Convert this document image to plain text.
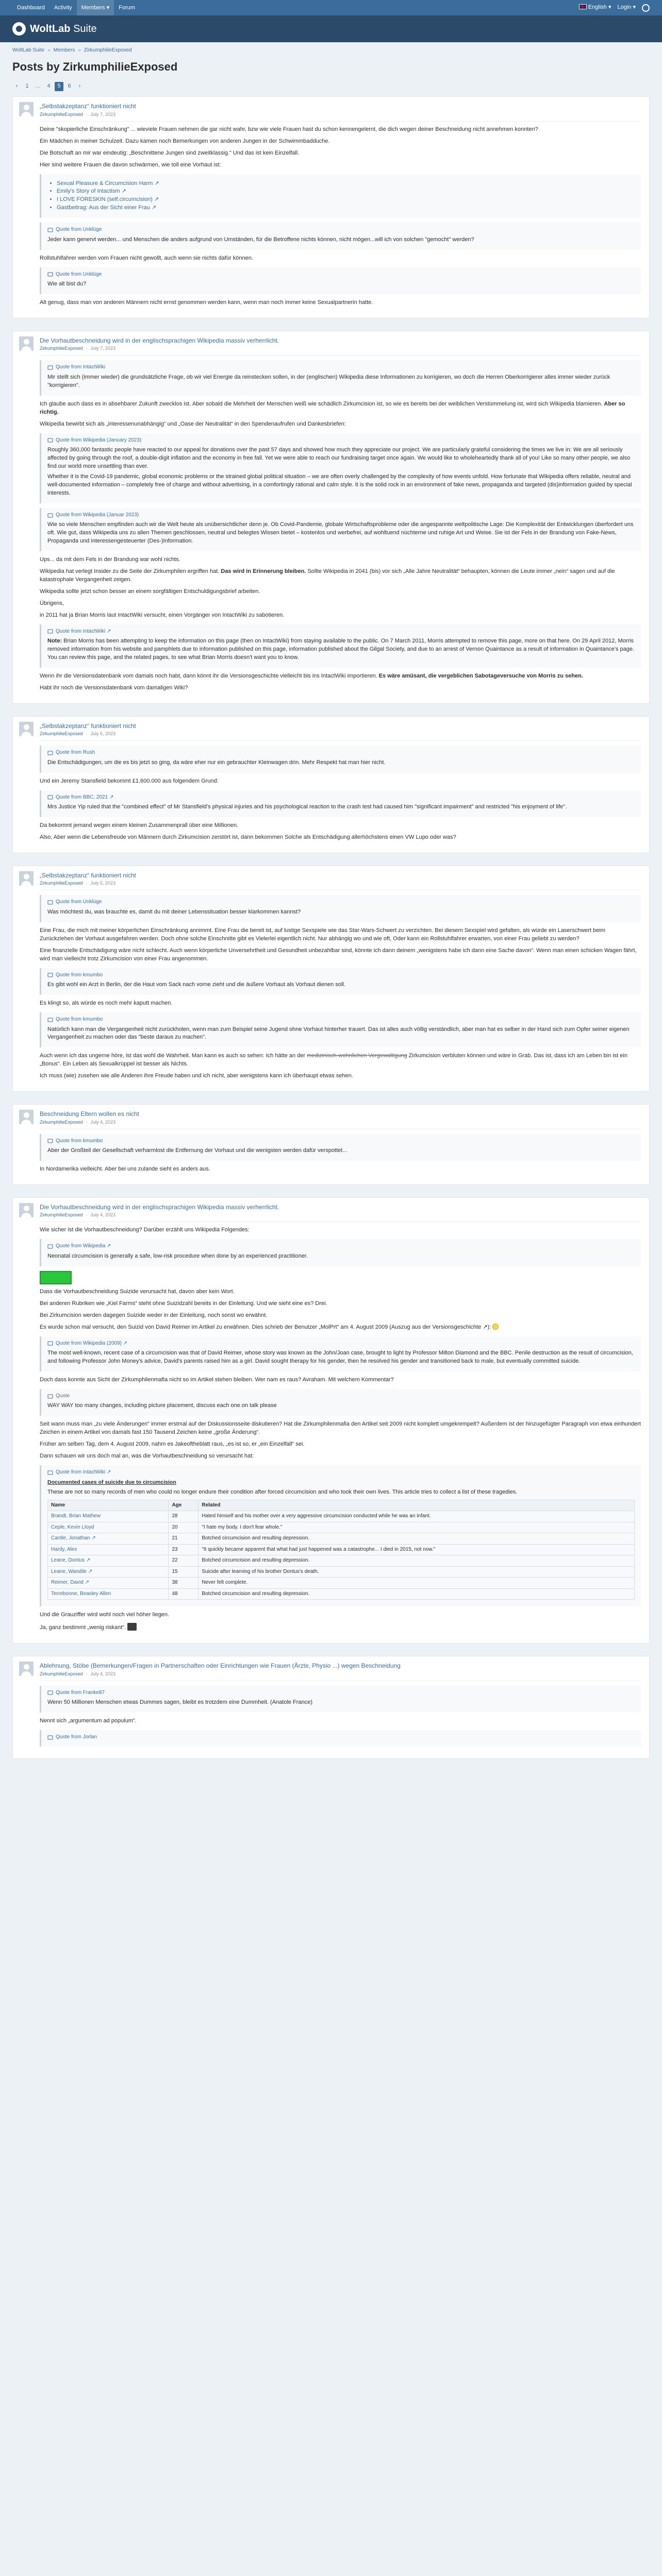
Dashboard	Activity	Members ▾	Forum	English ▾ Login ▾
WoltLab Suite
WoltLab Suite » Members » ZirkumphilieExposed
Posts by ZirkumphilieExposed
‹	1	…	4	5	6	›
„Selbstakzeptanz“ funktioniert nicht
ZirkumphilieExposed · July 7, 2023

Deine "skopierliche Einschränkung" ... wieviele Frauen nehmen die gar nicht wahr, bzw wie viele Frauen hast du schon kennengelernt, die dich wegen deiner Beschneidung nicht annehmen konnten?

Ein Mädchen in meiner Schulzeit. Dazu kamen noch Bemerkungen von anderen Jungen in der Schwimmbadduche.

Die Botschaft an mir war eindeutig: „Beschnittene Jungen sind zweitklassig.“ Und das ist kein Einzelfall.

Hier sind weitere Frauen die davon schwärmen, wie toll eine Vorhaut ist:

• Sexual Pleasure & Circumcision Harm ↗
• Emily's Story of Intactism ↗
• I LOVE FORESKIN (self.circumcision) ↗
• Gastbeitrag: Aus der Sicht einer Frau ↗
Quote from Unklüge

Jeder kann genervt werden... und Menschen die anders aufgrund von Umständen, für die Betroffene nichts können, nicht mögen...will ich von solchen "gemocht" werden?

Rollstuhlfahrer werden vom Frauen nicht gewollt, auch wenn sie nichts dafür können.

Quote from Unklüge

Wie alt bist du?

Alt genug, dass man von anderen Männern nicht ernst genommen werden kann, wenn man noch immer keine Sexualpartnerin hatte.

Die Vorhautbeschneidung wird in der englischsprachigen Wikipedia massiv verherrlicht.
ZirkumphilieExposed · July 7, 2023
Quote from IntactWiki

Mir stellt sich (immer wieder) die grundsätzliche Frage, ob wir viel Energie da reinstecken sollen, in der (englischen) Wikipedia diese Informationen zu korrigieren, wo doch die Herren Oberkorrigierer alles immer wieder zurück "korrigieren".

Ich glaube auch dass es in absehbarer Zukunft zwecklos ist. Aber sobald die Mehrheit der Menschen weiß wie schädlich Zirkumcision ist, so wie es bereits bei der weiblichen Verstümmelung ist, wird sich Wikipedia blamieren. Aber so richtig.

Wikipedia bewirbt sich als „interessenunabhängig“ und „Oase der Neutralität“ in den Spendenaufrufen und Dankesbriefen:

Quote from Wikipedia (January 2023)

Roughly 360,000 fantastic people have reacted to our appeal for donations over the past 57 days and showed how much they appreciate our project. We are particularly grateful considering the times we live in: We are all seriously affected by going through the roof, a double-digit inflation and the economy in free fall. Yet we were able to reach our fundraising target once again. We would like to wholeheartedly thank all of you! Like so many other people, we also find our world more unsettling than ever.

Whether it is the Covid-19 pandemic, global economic problems or the strained global political situation – we are often overly challenged by the complexity of how events unfold. How fortunate that Wikipedia offers reliable, neutral and well-documented information – completely free of charge and without advertising, in a comfortingly rational and calm style. It is the solid rock in an environment of fake news, propaganda and targeted (dis)information guided by special interests.

Quote from Wikipedia (Januar 2023)

Wie so viele Menschen empfinden auch wir die Welt heute als unübersichtlicher denn je. Ob Covid-Pandemie, globale Wirtschaftsprobleme oder die angespannte weltpolitische Lage: Die Komplexität der Entwicklungen überfordert uns oft. Wie gut, dass Wikipedia uns zu allen Themen geschlossen, neutral und belegtes Wissen bietet – kostenlos und werbefrei, auf wohltuend nüchterne und ruhige Art und Weise. Sie ist der Fels in der Brandung von Fake-News, Propaganda und interessengesteuerter (Des-)Information.

Ups... da mit dem Fels in der Brandung war wohl nichts.

Wikipedia hat verlegt Insider zu die Seite der Zirkumphilen ergriffen hat. Das wird in Erinnerung bleiben. Sollte Wikipedia in 2041 (bis) vor sich „Alle Jahre Neutralität“ behaupten, können die Leute immer „nein“ sagen und auf die katastrophale Vergangenheit zeigen.

Wikipedia sollte jetzt schon besser an einem sorgfältigen Entschuldigungsbrief arbeiten.

Übrigens,

in 2011 hat ja Brian Morris laut IntactWiki versucht, einen Vorgänger von IntactWiki zu sabotieren.

Quote from IntactWiki ↗

Note: Brian Morris has been attempting to keep the information on this page (then on IntactWiki) from staying available to the public. On 7 March 2011, Morris attempted to remove this page, more on that here. On 29 April 2012, Morris removed information from his website and pamphlets due to information published on this page, information published about the Gilgal Society, and due to an arrest of Vernon Quaintance as a result of information in Quaintance's page. You can review this page, and the related pages, to see what Brian Morris doesn't want you to know.

Wenn ihr die Versionsdatenbank vom damals noch habt, dann könnt ihr die Versionsgeschichte vielleicht bis ins IntactWiki importieren. Es wäre amüsant, die vergeblichen Sabotageversuche von Morris zu sehen.

Habt ihr noch die Versionsdatenbank vom damaligen Wiki?

„Selbstakzeptanz“ funktioniert nicht
ZirkumphilieExposed · July 5, 2023
Quote from Rush

Die Entschädigungen, um die es bis jetzt so ging, da wäre eher nur ein gebrauchter Kleinwagen drin. Mehr Respekt hat man hier nicht.

Und ein Jeremy Stansfield bekommt £1.600.000 aus folgendem Grund:

Quote from BBC, 2021 ↗

Mrs Justice Yip ruled that the "combined effect" of Mr Stansfield's physical injuries and his psychological reaction to the crash test had caused him "significant impairment" and restricted "his enjoyment of life".

Da bekommt jemand wegen einem kleinen Zusammenprall über eine Millionen.

Also, Aber wenn die Lebensfreude von Männern durch Zirkumcision zerstört ist, dann bekommen Solche als Entschädigung allerhöchstens einen VW Lupo oder was?

„Selbstakzeptanz“ funktioniert nicht
ZirkumphilieExposed · July 5, 2023
Quote from Unklüge

Was möchtest du, was brauchte es, damit du mit deiner Lebenssituation besser klarkommen kannst?

Eine Frau, die mich mit meiner körperlichen Einschränkung annimmt. Eine Frau die bereit ist, auf lustige Sexspiele wie das Star-Wars-Schwert zu verzichten. Bei diesem Sexspiel wird gefalten, als würde ein Laserschwert beim Zurückziehen der Vorhaut ausgefahren werden. Doch ohne solche Einschnitte gibt es Vielerlei eigentlich nicht. Nur abhängig wo und wie oft, Oder kann ein Rollstuhlfahrer erwarten, von einer Frau geliebt zu werden?

Eine finanzielle Entschädigung wäre nicht schlecht. Auch wenn körperliche Unversehrtheit und Gesundheit unbezahlbar sind, könnte ich dann deinem „wenigstens habe ich dann eine Sache davon“. Wenn man einen schicken Wagen fährt, wird man vielleicht trotz Zirkumcision von einer Frau angenommen.

Quote from kmumbo

Es gibt wohl ein Arzt in Berlin, der die Haut vom Sack nach vorne zieht und die äußere Vorhaut als Vorhaut dienen soll.

Es klingt so, als würde es noch mehr kaputt machen.

Quote from kmumbo

Natürlich kann man die Vergangenheit nicht zurückholen, wenn man zum Beispiel seine Jugend ohne Vorhaut hinterher trauert. Das ist alles auch völlig verständlich, aber man hat es selber in der Hand sich zum Opfer seiner eigenen Vergangenheit zu machen oder das "beste daraus zu machen".

Auch wenn ich das ungerne höre, ist das wohl die Wahrheit. Man kann es auch so sehen: Ich hätte an der medizinisch-wohnlichen Vergewaltigung Zirkumcision verbluten können und wäre in Grab. Das ist, dass ich am Leben bin ist ein „Bonus“. Ein Leben als Sexualkrüppel ist besser als Nichts.

Ich muss (wie) zusehen wie alle Anderen ihre Freude haben und ich nicht, aber wenigstens kann ich überhaupt etwas sehen.

Beschneidung Eltern wollen es nicht
ZirkumphilieExposed · July 4, 2023
Quote from kmumbo

Aber der Großteil der Gesellschaft verharmlost die Entfernung der Vorhaut und die wenigsten werden dafür verspottet...

In Nordamerika vielleicht. Aber bei uns zulande sieht es anders aus.

Die Vorhautbeschneidung wird in der englischsprachigen Wikipedia massiv verherrlicht.
ZirkumphilieExposed · July 4, 2023

Wie sicher ist die Vorhautbeschneidung? Darüber erzählt uns Wikipedia Folgendes:

Quote from Wikipedia ↗

Neonatal circumcision is generally a safe, low-risk procedure when done by an experienced practitioner.

Dass die Vorhautbeschneidung Suizide verursacht hat, davon aber kein Wort.

Bei anderen Rubriken wie „Kiel Farms“ steht ohne Suizidzahl bereits in der Einleitung. Und wie sieht eine es? Drei.

Bei Zirkumcision werden dagegen Suizide weder in der Einleitung, noch sonst wo erwähnt.

Es wurde schon mal versucht, den Suizid von David Reimer im Artikel zu erwähnen. Dies schrieb der Benutzer „MolPrt" am 4. August 2009 (Auszug aus der Versionsgeschichte ↗):

Quote from Wikipedia (2009) ↗

The most well-known, recent case of a circumcision was that of David Reimer, whose story was known as the John/Joan case, brought to light by Professor Milton Diamond and the BBC. Penile destruction as the result of circumcision, and following Professor John Money's advice, David's parents raised him as a girl. David sought therapy for his gender, then he resolved his gender and transitioned back to male, but eventually committed suicide.

Doch dass konnte aus Sicht der Zirkumphilenmafia nicht so im Artikel stehen bleiben. Wer nam es raus? Avraham. Mit welchem Kommentar?

Quote

WAY WAY too many changes, including picture placement, discuss each one on talk please

Seit wann muss man „zu viele Änderungen“ immer erstmal auf der Diskussionsseite diskutieren? Hat die Zirkumphilenmafia den Artikel seit 2009 nicht komplett umgekrempelt? Außerdem ist der hinzugefügter Paragraph von etwa einhundert Zeichen in einem Artikel von damals fast 150 Tausend Zeichen keine „große Änderung“.

Früher am selben Tag, dem 4. August 2009, nahm es Jakeoftheblatt raus, „es ist so, er „ein Einzelfall“ sei.

Dann schauen wir uns doch mal an, was die Vorhautbeschneidung so verursacht hat:

Quote from IntactWiki ↗
Documented cases of suicide due to circumcision

These are not so many records of men who could no longer endure their condition after forced circumcision and who took their own lives. This article tries to collect a list of these tragedies.

Name	Age	Related
Brandt, Brian Mathew	28	Hated himself and his mother over a very aggressive circumcision conducted while he was an infant.
Ceple, Kevin Lloyd	20	"I hate my body. I don't fear whole."
Cantle, Jonathan ↗	21	Botched circumcision and resulting depression.
Hardy, Alex	23	"It quickly became apparent that what had just happened was a catastrophe... I died in 2015, not now."
Leane, Dontus ↗	22	Botched circumcision and resulting depression.
Leane, Wandile ↗	15	Suicide after learning of his brother Dontus's death.
Reimer, David ↗	38	Never felt complete.
Terrebonne, Beasley Allen	48	Botched circumcision and resulting depression.

Und die Grauziffer wird wohl noch viel höher liegen.

Ja, ganz bestimmt „wenig riskant“.

Ablehnung, Stöbe (Bemerkungen/Fragen in Partnerschaften oder Einrichtungen wie Frauen (Ärzte, Physio ...) wegen Beschneidung
ZirkumphilieExposed · July 4, 2023
Quote from Franke87

Wenn 50 Millionen Menschen etwas Dummes sagen, bleibt es trotzdem eine Dummheit. (Anatole France)

Nennt sich „argumentum ad populum“.

Quote from Jorlan
